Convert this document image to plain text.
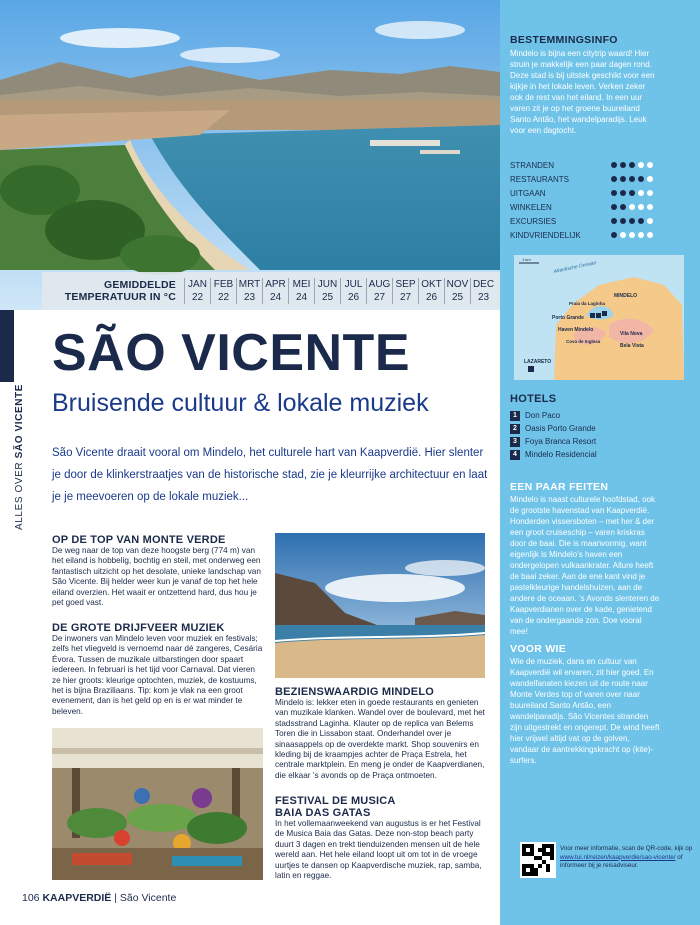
GEMIDDELDE
TEMPERATUUR IN °C
JAN
22
FEB
22
MRT
23
APR
24
MEI
24
JUN
25
JUL
26
AUG
27
SEP
27
OKT
26
NOV
25
DEC
23
BESTEMMINGSINFO
Mindelo is bijna een citytrip waard! Hier struin je makkelijk een paar dagen rond. Deze stad is bij uitstek geschikt voor een kijkje in het lokale leven. Verken zeker ook de rest van het eiland. In een uur varen zit je op het groene buureiland Santo Antão, het wandelparadijs. Leuk voor een dagtocht.
STRANDEN
RESTAURANTS
UITGAAN
WINKELEN
EXCURSIES
KINDVRIENDELIJK
1 km
Atlantische Oceaan
MINDELO
Praia da Laginha
Porto Grande
Haven Mindelo
Vila Nova
Cova de Inglesa
Bela Vista
LAZARETO
HOTELS
1	Don Paco
2	Oasis Porto Grande
3	Foya Branca Resort
4	Mindelo Residencial
EEN PAAR FEITEN
Mindelo is naast culturele hoofdstad, ook de grootste havenstad van Kaapverdië. Honderden vissersboten – met her & der een groot cruiseschip – varen kriskras door de baai. Die is maanvormig, want eigenlijk is Mindelo’s haven een ondergelopen vulkaankrater. Allure heeft de baai zeker. Aan de ene kant vind je pastelkleurige handelshuizen, aan de andere de oceaan. ’s Avonds slenteren de Kaapverdianen over de kade, genietend van de ondergaande zon. Doe vooral mee!
VOOR WIE
Wie de muziek, dans en cultuur van Kaapverdië wil ervaren, zit hier goed. En wandelfanaten kiezen uit de route naar Monte Verdes top of varen over naar buureiland Santo Antão, een wandelparadijs. São Vicentes stranden zijn uitgestrekt en ongerept. De wind heeft hier vrijwel altijd vat op de golven, vandaar de aantrekkingskracht op (kite)-surfers.
Voor meer informatie, scan de QR-code, kijk op www.tui.nl/reizen/kaapverdie/sao-vicente/ of informeer bij je reisadviseur.
ALLES OVER SÃO VICENTE
SÃO VICENTE
Bruisende cultuur & lokale muziek

São Vicente draait vooral om Mindelo, het culturele hart van Kaapverdië. Hier slenter je door de klinkerstraatjes van de historische stad, zie je kleurrijke architectuur en laat je je meevoeren op de lokale muziek...

OP DE TOP VAN MONTE VERDE
De weg naar de top van deze hoogste berg (774 m) van het eiland is hobbelig, bochtig en steil, met onderweg een fantastisch uitzicht op het desolate, unieke landschap van São Vicente. Bij helder weer kun je vanaf de top het hele eiland overzien. Het waait er ontzettend hard, dus hou je pet goed vast.
DE GROTE DRIJFVEER MUZIEK
De inwoners van Mindelo leven voor muziek en festivals; zelfs het vliegveld is vernoemd naar dé zangeres, Cesária Évora. Tussen de muzikale uitbarstingen door spaart iedereen. In februari is het tijd voor Carnaval. Dat vieren ze hier groots: kleurige optochten, muziek, de kostuums, het is bijna Braziliaans. Tip: kom je vlak na een groot evenement, dan is het geld op en is er wat minder te beleven.
BEZIENSWAARDIG MINDELO
Mindelo is: lekker eten in goede restaurants en genieten van muzikale klanken. Wandel over de boulevard, met het stadsstrand Laginha. Klauter op de replica van Belems Toren die in Lissabon staat. Onderhandel over je sinaasappels op de overdekte markt. Shop souvenirs en kleding bij de kraampjes achter de Praça Estrela, het centrale marktplein. En meng je onder de Kaapverdianen, die elkaar ’s avonds op de Praça ontmoeten.
FESTIVAL DE MUSICA
BAIA DAS GATAS
In het vollemaanweekend van augustus is er het Festival de Musica Baia das Gatas. Deze non-stop beach party duurt 3 dagen en trekt tienduizenden mensen uit de hele wereld aan. Het hele eiland loopt uit om tot in de vroege uurtjes te dansen op Kaapverdische muziek, rap, samba, latin en reggae.
106 KAAPVERDIË | São Vicente
